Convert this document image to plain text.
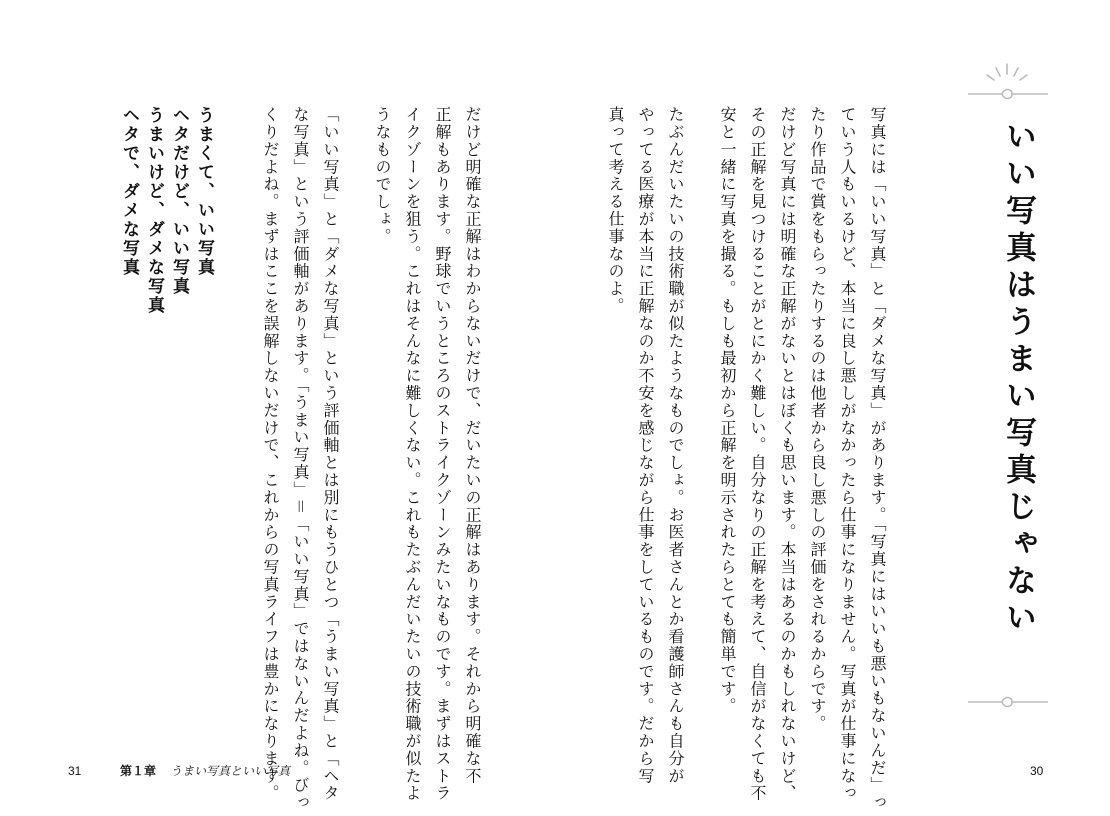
だけど明確な正解はわからないだけで、だいたいの正解はあります。それから明確な不
正解もあります。野球でいうところのストライクゾーンみたいなものです。まずはストラ
イクゾーンを狙う。これはそんなに難しくない。これもたぶんだいたいの技術職が似たよ
うなものでしょ。
「いい写真」と「ダメな写真」という評価軸とは別にもうひとつ「うまい写真」と「ヘタ
な写真」という評価軸があります。「うまい写真」＝「いい写真」ではないんだよね。びっ
くりだよね。まずはここを誤解しないだけで、これからの写真ライフは豊かになります。
うまくて、いい写真
ヘタだけど、いい写真
うまいけど、ダメな写真
ヘタで、ダメな写真
31	第１章 うまい写真といい写真	写真には「いい写真」と「ダメな写真」があります。「写真にはいいも悪いもないんだ」っ
ていう人もいるけど、本当に良し悪しがなかったら仕事になりません。写真が仕事になっ
たり作品で賞をもらったりするのは他者から良し悪しの評価をされるからです。
だけど写真には明確な正解がないとはぼくも思います。本当はあるのかもしれないけど、
その正解を見つけることがとにかく難しい。自分なりの正解を考えて、自信がなくても不
安と一緒に写真を撮る。もしも最初から正解を明示されたらとても簡単です。
たぶんだいたいの技術職が似たようなものでしょ。お医者さんとか看護師さんも自分が
やってる医療が本当に正解なのか不安を感じながら仕事をしているものです。だから写
真って考える仕事なのよ。
30
いい写真はうまい写真じゃない
